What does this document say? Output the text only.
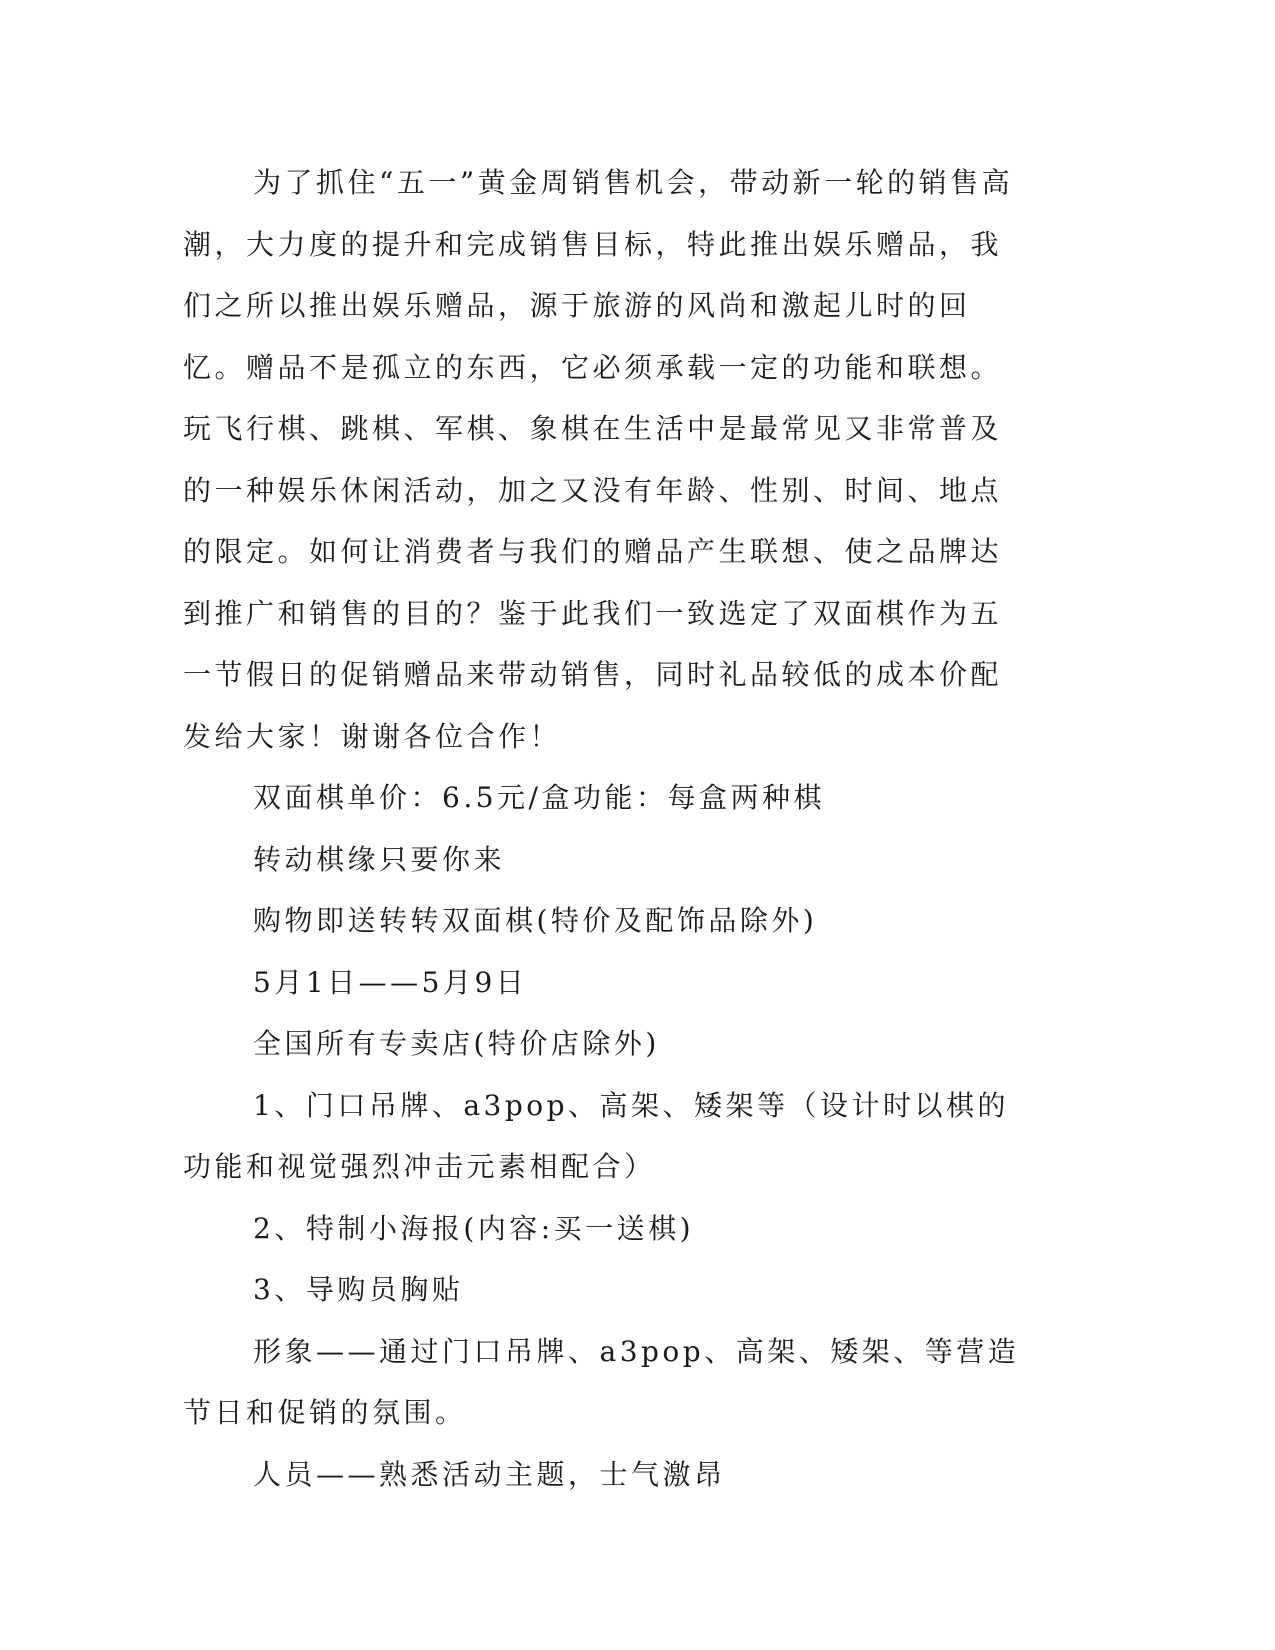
为了抓住“五一”黄金周销售机会，带动新一轮的销售高潮，大力度的提升和完成销售目标，特此推出娱乐赠品，我们之所以推出娱乐赠品，源于旅游的风尚和激起儿时的回忆。赠品不是孤立的东西，它必须承载一定的功能和联想。玩飞行棋、跳棋、军棋、象棋在生活中是最常见又非常普及的一种娱乐休闲活动，加之又没有年龄、性别、时间、地点的限定。如何让消费者与我们的赠品产生联想、使之品牌达到推广和销售的目的？鉴于此我们一致选定了双面棋作为五一节假日的促销赠品来带动销售，同时礼品较低的成本价配发给大家！谢谢各位合作！

双面棋单价：6.5元/盒功能：每盒两种棋

转动棋缘只要你来

购物即送转转双面棋(特价及配饰品除外)

5月1日——5月9日

全国所有专卖店(特价店除外)

1、门口吊牌、a3pop、高架、矮架等（设计时以棋的功能和视觉强烈冲击元素相配合）

2、特制小海报(内容:买一送棋)

3、导购员胸贴

形象——通过门口吊牌、a3pop、高架、矮架、等营造节日和促销的氛围。

人员——熟悉活动主题，士气激昂
